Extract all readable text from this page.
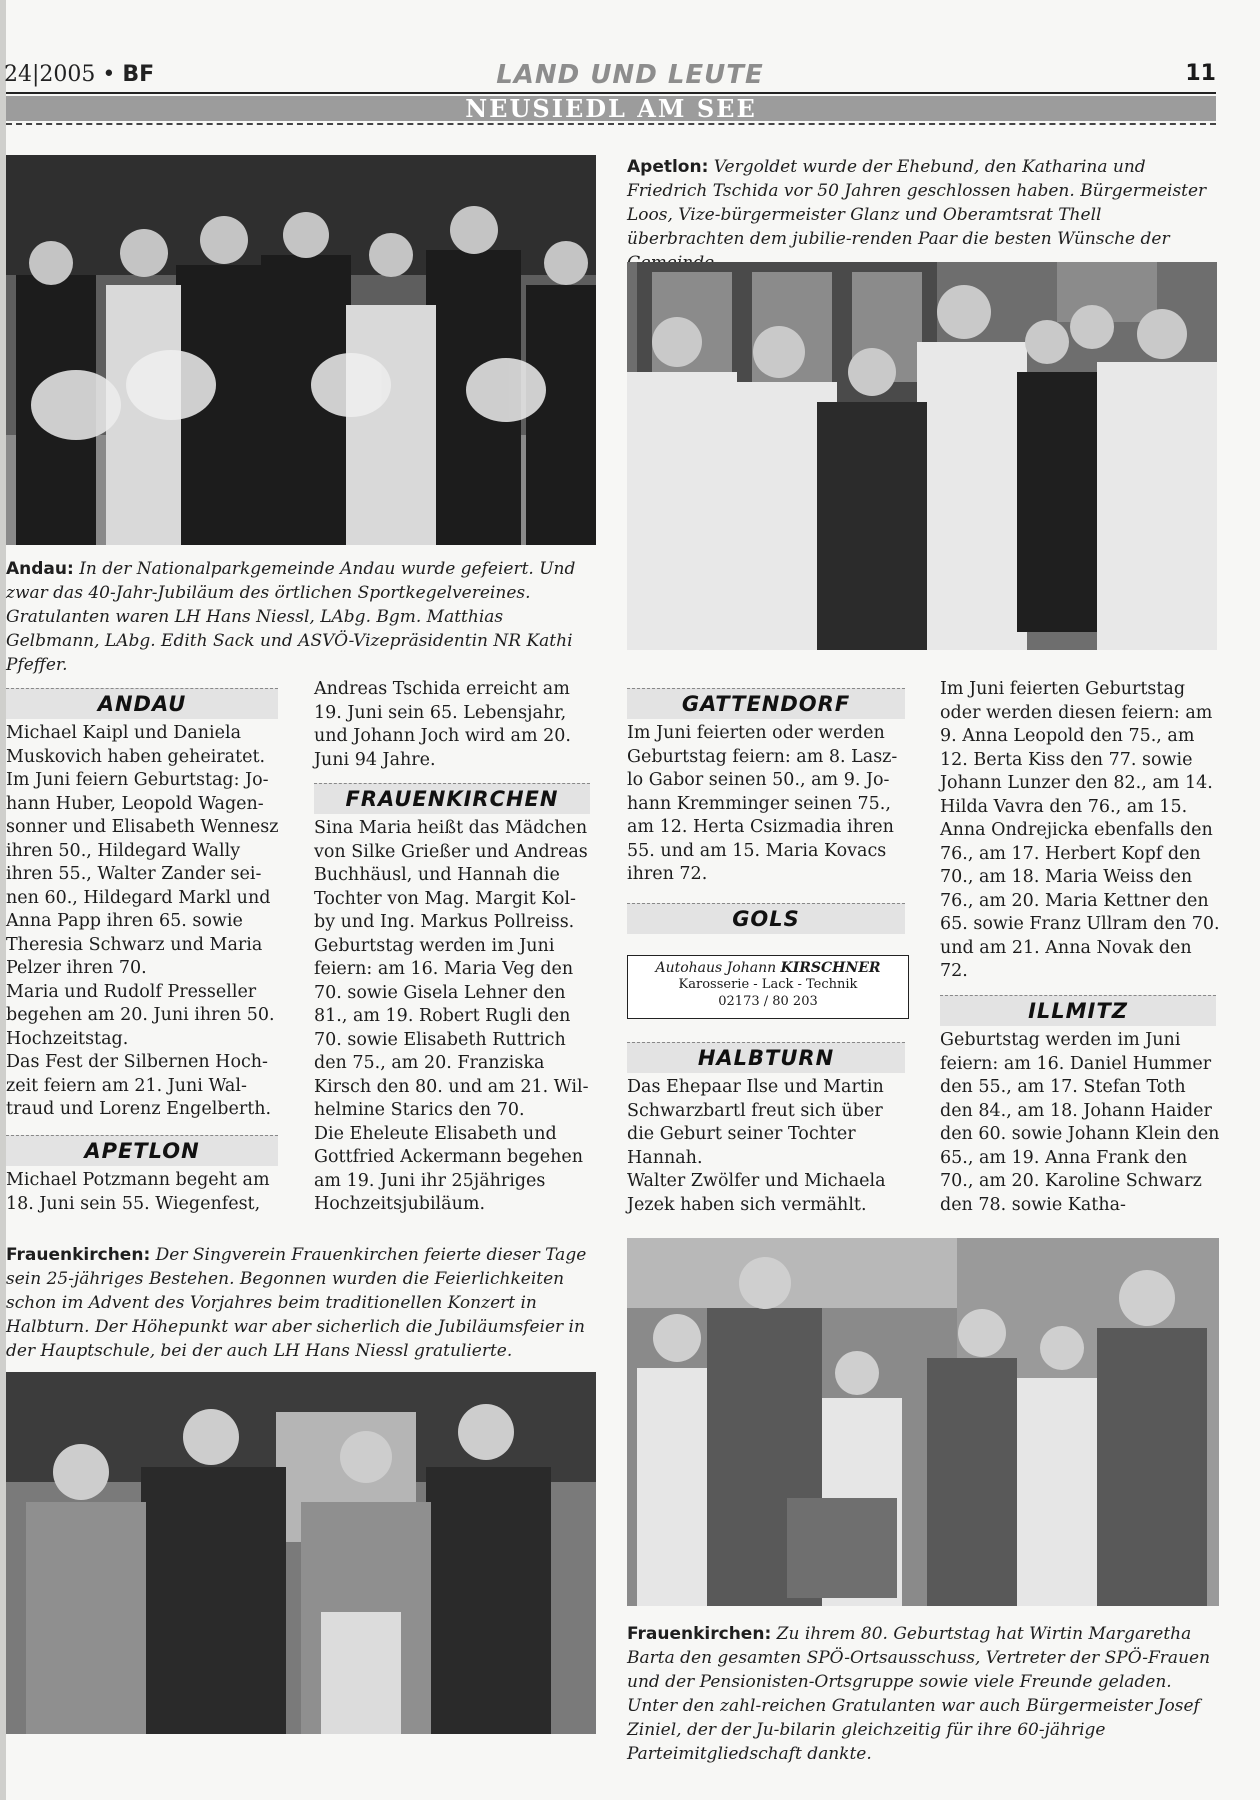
24|2005 • BF	LAND UND LEUTE	11
NEUSIEDL AM SEE
Apetlon: Vergoldet wurde der Ehebund, den Katharina und Friedrich Tschida vor 50 Jahren geschlossen haben. Bürgermeister Loos, Vize-bürgermeister Glanz und Oberamtsrat Thell überbrachten dem jubilie-renden Paar die besten Wünsche der
Andau: In der Nationalparkgemeinde Andau wurde gefeiert. Und zwar das 40-Jahr-Jubiläum des örtlichen Sportkegelvereines. Gratulanten waren LH Hans Niessl, LAbg. Bgm. Matthias Gelbmann, LAbg. Edith Sack und ASVÖ-Vizepräsidentin NR Kathi Pfeffer.
ANDAU
Michael Kaipl und Daniela Muskovich haben geheiratet.
Im Juni feiern Geburtstag: Jo-hann Huber, Leopold Wagen-sonner und Elisabeth Wennesz ihren 50., Hildegard Wally ihren 55., Walter Zander sei-nen 60., Hildegard Markl und Anna Papp ihren 65. sowie Theresia Schwarz und Maria Pelzer ihren 70.
Maria und Rudolf Presseller begehen am 20. Juni ihren 50. Hochzeitstag.
Das Fest der Silbernen Hoch-zeit feiern am 21. Juni Wal-traud und Lorenz Engelberth.
APETLON
Michael Potzmann begeht am 18. Juni sein 55. Wiegenfest,
Andreas Tschida erreicht am 19. Juni sein 65. Lebensjahr, und Johann Joch wird am 20. Juni 94 Jahre.
FRAUENKIRCHEN
Sina Maria heißt das Mädchen von Silke Grießer und Andreas Buchhäusl, und Hannah die Tochter von Mag. Margit Kol-by und Ing. Markus Pollreiss.
Geburtstag werden im Juni feiern: am 16. Maria Veg den 70. sowie Gisela Lehner den 81., am 19. Robert Rugli den 70. sowie Elisabeth Ruttrich den 75., am 20. Franziska Kirsch den 80. und am 21. Wil-helmine Starics den 70.
Die Eheleute Elisabeth und Gottfried Ackermann begehen am 19. Juni ihr 25jähriges Hochzeitsjubiläum.
GATTENDORF
Im Juni feierten oder werden Geburtstag feiern: am 8. Lasz-lo Gabor seinen 50., am 9. Jo-hann Kremminger seinen 75., am 12. Herta Csizmadia ihren 55. und am 15. Maria Kovacs ihren 72.
GOLS
Autohaus Johann KIRSCHNER
Karosserie - Lack - Technik
02173 / 80 203
HALBTURN
Das Ehepaar Ilse und Martin Schwarzbartl freut sich über die Geburt seiner Tochter Hannah.
Walter Zwölfer und Michaela Jezek haben sich vermählt.
Im Juni feierten Geburtstag oder werden diesen feiern: am 9. Anna Leopold den 75., am 12. Berta Kiss den 77. sowie Johann Lunzer den 82., am 14. Hilda Vavra den 76., am 15. Anna Ondrejicka ebenfalls den 76., am 17. Herbert Kopf den 70., am 18. Maria Weiss den 76., am 20. Maria Kettner den 65. sowie Franz Ullram den 70. und am 21. Anna Novak den 72.
ILLMITZ
Geburtstag werden im Juni feiern: am 16. Daniel Hummer den 55., am 17. Stefan Toth den 84., am 18. Johann Haider den 60. sowie Johann Klein den 65., am 19. Anna Frank den 70., am 20. Karoline Schwarz den 78. sowie Katha-
Frauenkirchen: Der Singverein Frauenkirchen feierte dieser Tage sein 25-jähriges Bestehen. Begonnen wurden die Feierlichkeiten schon im Advent des Vorjahres beim traditionellen Konzert in Halbturn. Der Höhepunkt war aber sicherlich die Jubiläumsfeier in der Hauptschule, bei der auch LH Hans Niessl gratulierte.
Frauenkirchen: Zu ihrem 80. Geburtstag hat Wirtin Margaretha Barta den gesamten SPÖ-Ortsausschuss, Vertreter der SPÖ-Frauen und der Pensionisten-Ortsgruppe sowie viele Freunde geladen. Unter den zahl-reichen Gratulanten war auch Bürgermeister Josef Ziniel, der der Ju-bilarin gleichzeitig für ihre 60-jährige Parteimitgliedschaft dankte.
